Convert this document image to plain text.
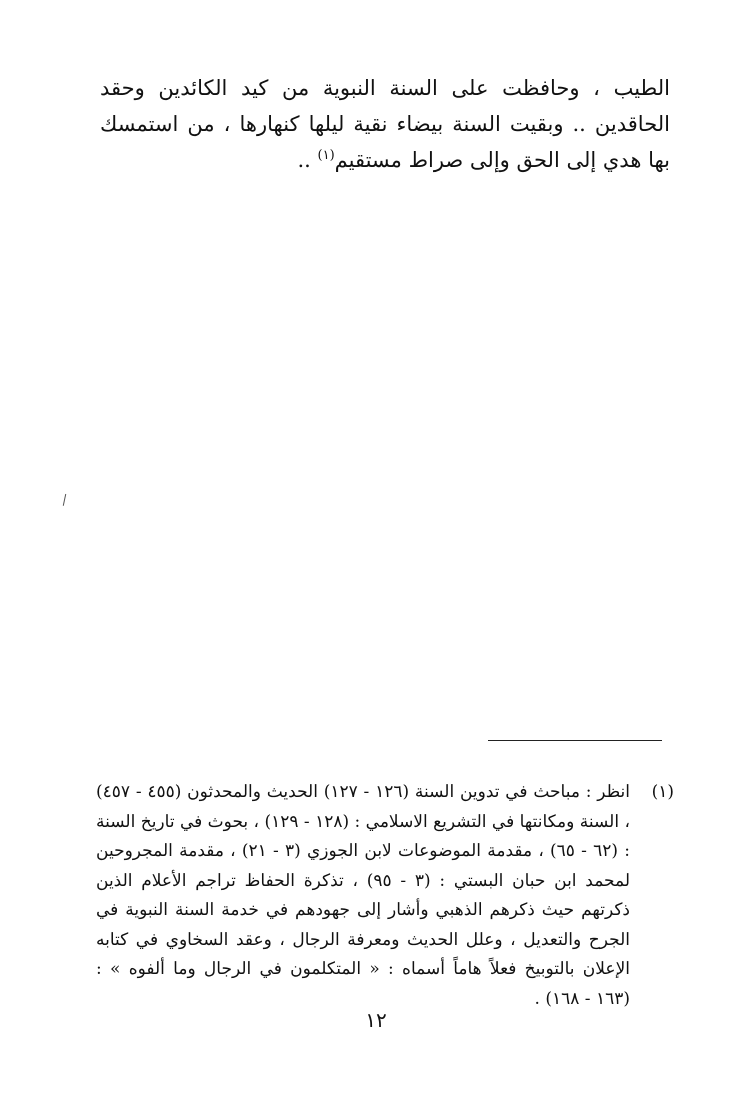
الطيب ، وحافظت على السنة النبوية من كيد الكائدين وحقد الحاقدين .. وبقيت السنة بيضاء نقية ليلها كنهارها ، من استمسك بها هدي إلى الحق وإلى صراط مستقيم$^{(١)}$ ..

(١)
انظر : مباحث في تدوين السنة (١٢٦ - ١٢٧) الحديث والمحدثون (٤٥٥ - ٤٥٧) ، السنة ومكانتها في التشريع الاسلامي : (١٢٨ - ١٢٩) ، بحوث في تاريخ السنة : (٦٢ - ٦٥) ، مقدمة الموضوعات لابن الجوزي (٣ - ٢١) ، مقدمة المجروحين لمحمد ابن حبان البستي : (٣ - ٩٥) ، تذكرة الحفاظ تراجم الأعلام الذين ذكرتهم حيث ذكرهم الذهبي وأشار إلى جهودهم في خدمة السنة النبوية في الجرح والتعديل ، وعلل الحديث ومعرفة الرجال ، وعقد السخاوي في كتابه الإعلان بالتوبيخ فعلاً هاماً أسماه : « المتكلمون في الرجال وما ألفوه » : (١٦٣ - ١٦٨) .
١٢
